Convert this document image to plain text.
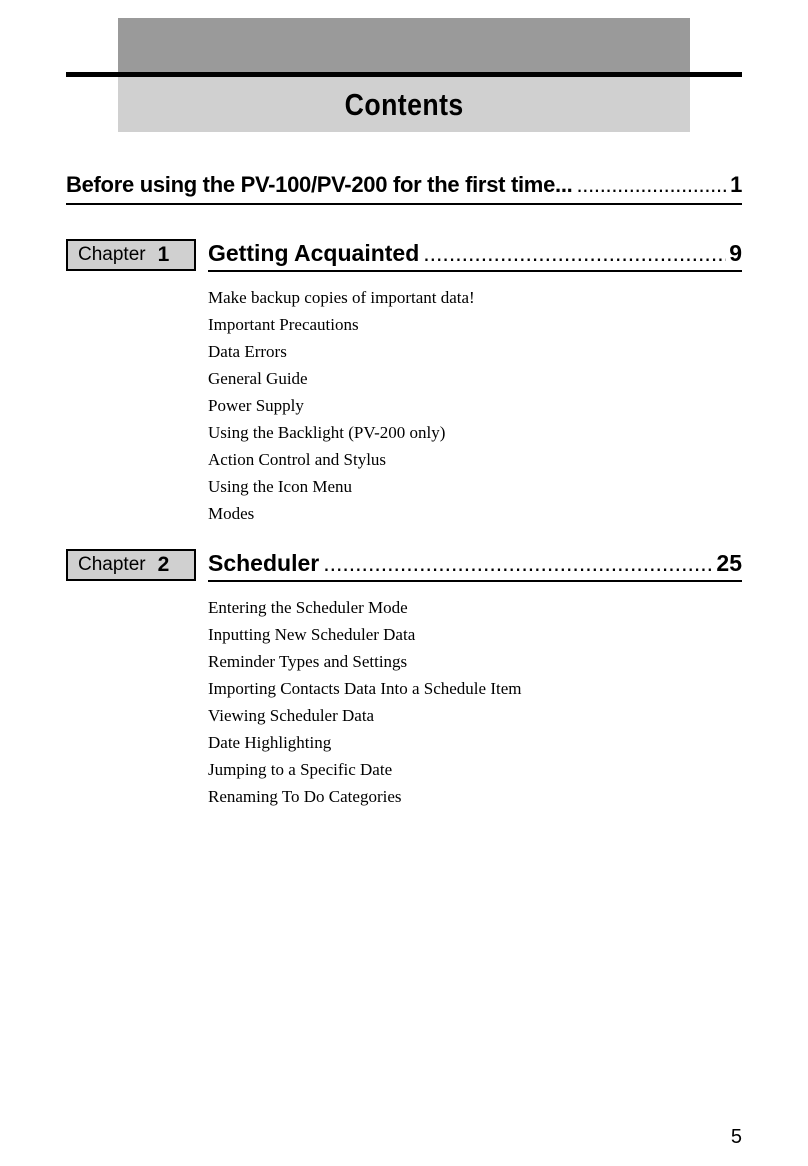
Contents
Before using the PV-100/PV-200 for the first time... .....	1
Chapter 1 Getting Acquainted .....	9
Make backup copies of important data!
Important Precautions
Data Errors
General Guide
Power Supply
Using the Backlight (PV-200 only)
Action Control and Stylus
Using the Icon Menu
Modes
Chapter 2 Scheduler .....	25
Entering the Scheduler Mode
Inputting New Scheduler Data
Reminder Types and Settings
Importing Contacts Data Into a Schedule Item
Viewing Scheduler Data
Date Highlighting
Jumping to a Specific Date
Renaming To Do Categories
5
